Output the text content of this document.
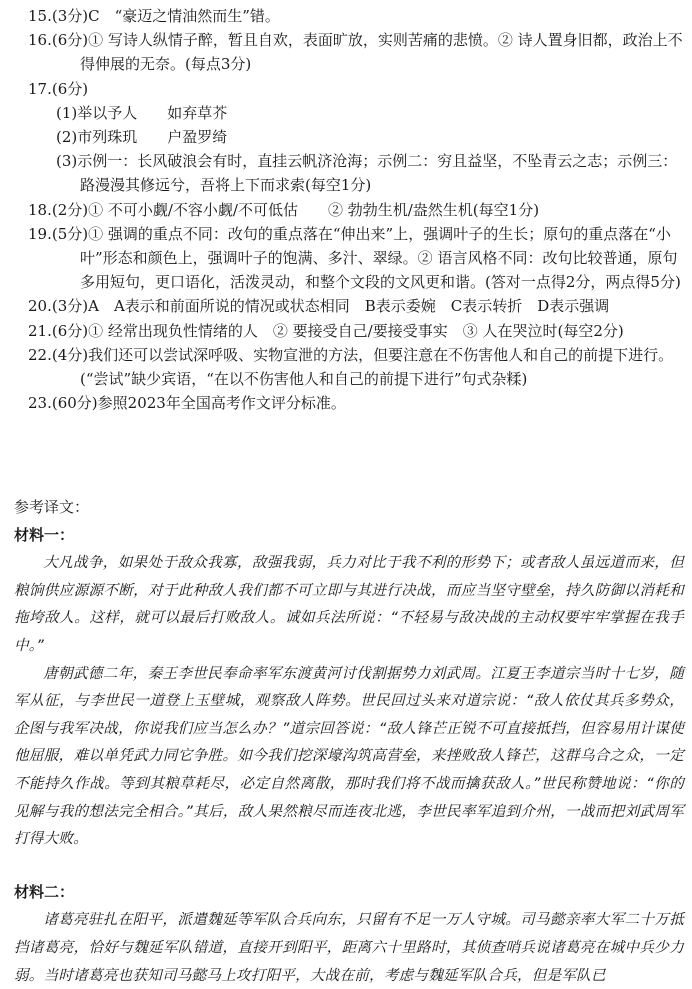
15.(3分)C　“豪迈之情油然而生”错。

16.(6分)① 写诗人纵情子醉，暂且自欢，表面旷放，实则苦痛的悲愤。② 诗人置身旧都，政治上不得伸展的无奈。(每点3分)

17.(6分)

(1)举以予人　　如弃草芥

(2)市列珠玑　　户盈罗绮

(3)示例一：长风破浪会有时，直挂云帆济沧海；示例二：穷且益坚，不坠青云之志；示例三：路漫漫其修远兮，吾将上下而求索(每空1分)

18.(2分)① 不可小觑/不容小觑/不可低估　　② 勃勃生机/盎然生机(每空1分)

19.(5分)① 强调的重点不同：改句的重点落在“伸出来”上，强调叶子的生长；原句的重点落在“小叶”形态和颜色上，强调叶子的饱满、多汁、翠绿。② 语言风格不同：改句比较普通，原句多用短句，更口语化，活泼灵动，和整个文段的文风更和谐。(答对一点得2分，两点得5分)

20.(3分)A　A表示和前面所说的情况或状态相同　B表示委婉　C表示转折　D表示强调

21.(6分)① 经常出现负性情绪的人　② 要接受自己/要接受事实　③ 人在哭泣时(每空2分)

22.(4分)我们还可以尝试深呼吸、实物宣泄的方法，但要注意在不伤害他人和自己的前提下进行。(“尝试”缺少宾语，“在以不伤害他人和自己的前提下进行”句式杂糅)

23.(60分)参照2023年全国高考作文评分标准。

参考译文：

材料一：

大凡战争，如果处于敌众我寡，敌强我弱，兵力对比于我不利的形势下；或者敌人虽远道而来，但粮饷供应源源不断，对于此种敌人我们都不可立即与其进行决战，而应当坚守壁垒，持久防御以消耗和拖垮敌人。这样，就可以最后打败敌人。诚如兵法所说：“不轻易与敌决战的主动权要牢牢掌握在我手中。”

唐朝武德二年，秦王李世民奉命率军东渡黄河讨伐割据势力刘武周。江夏王李道宗当时十七岁，随军从征，与李世民一道登上玉壁城，观察敌人阵势。世民回过头来对道宗说：“敌人依仗其兵多势众，企图与我军决战，你说我们应当怎么办？”道宗回答说：“敌人锋芒正锐不可直接抵挡，但容易用计谋使他屈服，难以单凭武力同它争胜。如今我们挖深壕沟筑高营垒，来挫败敌人锋芒，这群乌合之众，一定不能持久作战。等到其粮草耗尽，必定自然离散，那时我们将不战而擒获敌人。”世民称赞地说：“你的见解与我的想法完全相合。”其后，敌人果然粮尽而连夜北逃，李世民率军追到介州，一战而把刘武周军打得大败。

材料二：

诸葛亮驻扎在阳平，派遣魏延等军队合兵向东，只留有不足一万人守城。司马懿亲率大军二十万抵挡诸葛亮，恰好与魏延军队错道，直接开到阳平，距离六十里路时，其侦查哨兵说诸葛亮在城中兵少力弱。当时诸葛亮也获知司马懿马上攻打阳平，大战在前，考虑与魏延军队合兵，但是军队已
